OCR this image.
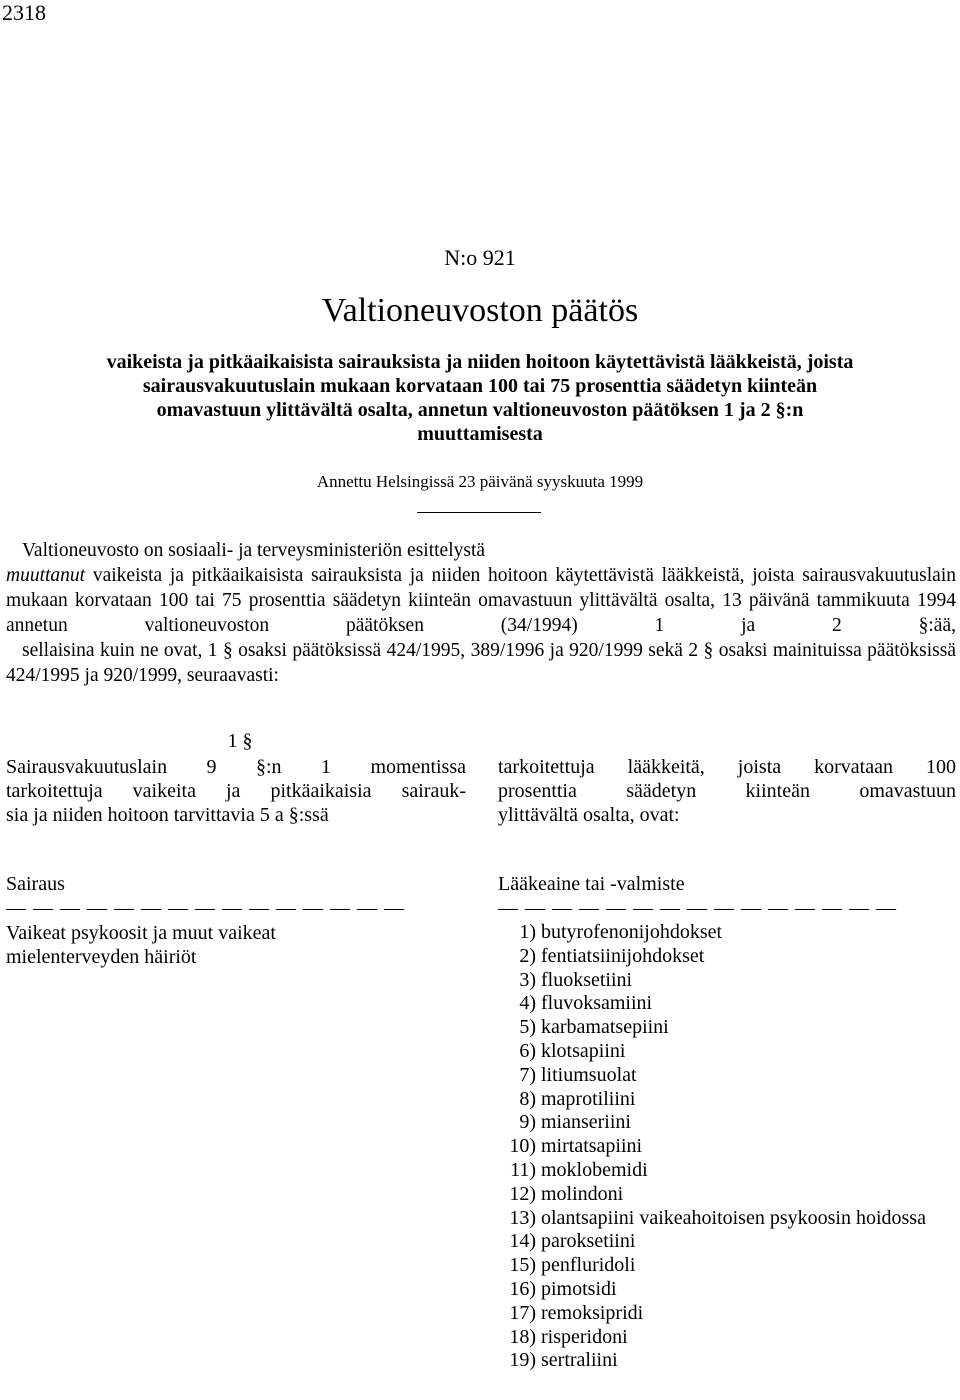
2318
N:o 921
Valtioneuvoston päätös
vaikeista ja pitkäaikaisista sairauksista ja niiden hoitoon käytettävistä lääkkeistä, joista
sairausvakuutuslain mukaan korvataan 100 tai 75 prosenttia säädetyn kiinteän
omavastuun ylittävältä osalta, annetun valtioneuvoston päätöksen 1 ja 2 §:n
muuttamisesta
Annettu Helsingissä 23 päivänä syyskuuta 1999

Valtioneuvosto on sosiaali- ja terveysministeriön esittelystä

muuttanut vaikeista ja pitkäaikaisista sairauksista ja niiden hoitoon käytettävistä lääkkeistä, joista sairausvakuutuslain mukaan korvataan 100 tai 75 prosenttia säädetyn kiinteän omavastuun ylittävältä osalta, 13 päivänä tammikuuta 1994 annetun valtioneuvoston päätöksen (34/1994) 1 ja 2 §:ää,

sellaisina kuin ne ovat, 1 § osaksi päätöksissä 424/1995, 389/1996 ja 920/1999 sekä 2 § osaksi mainituissa päätöksissä 424/1995 ja 920/1999, seuraavasti:

1 §
Sairausvakuutuslain 9 §:n 1 momentissa
tarkoitettuja vaikeita ja pitkäaikaisia sairauk-
sia ja niiden hoitoon tarvittavia 5 a §:ssä
tarkoitettuja lääkkeitä, joista korvataan 100
prosenttia säädetyn kiinteän omavastuun
ylittävältä osalta, ovat:
Sairaus	Lääkeaine tai -valmiste
— — — — — — — — — — — — — — —	— — — — — — — — — — — — — — —
Vaikeat psykoosit ja muut vaikeat mielenterveyden häiriöt
1) butyrofenonijohdokset
2) fentiatsiinijohdokset
3) fluoksetiini
4) fluvoksamiini
5) karbamatsepiini
6) klotsapiini
7) litiumsuolat
8) maprotiliini
9) mianseriini
10) mirtatsapiini
11) moklobemidi
12) molindoni
13) olantsapiini vaikeahoitoisen psykoosin hoidossa
14) paroksetiini
15) penfluridoli
16) pimotsidi
17) remoksipridi
18) risperidoni
19) sertraliini
